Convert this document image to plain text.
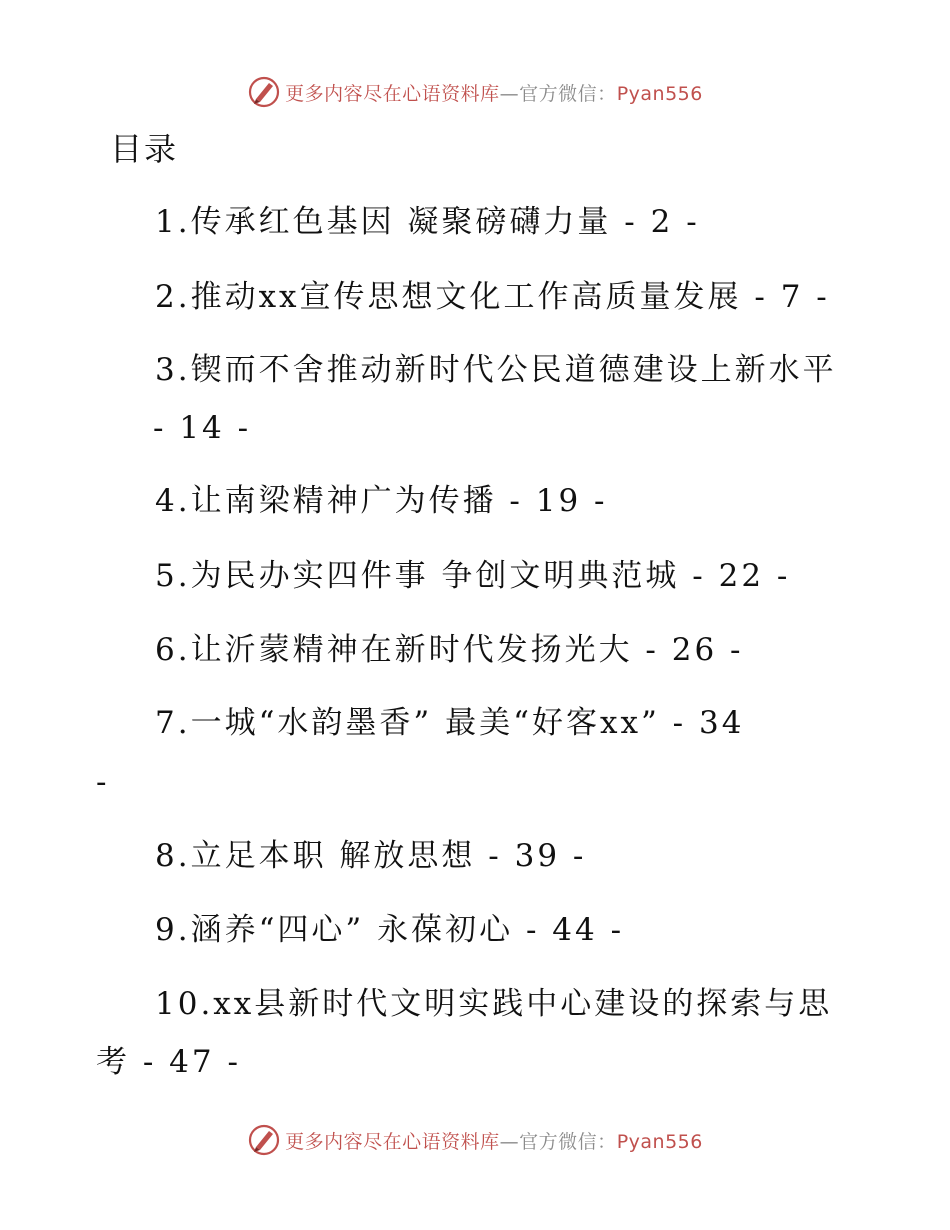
更多内容尽在心语资料库—官方微信：Pyan556
目录
1.传承红色基因 凝聚磅礴力量 - 2 -
2.推动xx宣传思想文化工作高质量发展 - 7 -
3.锲而不舍推动新时代公民道德建设上新水平
- 14 -
4.让南梁精神广为传播 - 19 -
5.为民办实四件事 争创文明典范城 - 22 -
6.让沂蒙精神在新时代发扬光大 - 26 -
7.一城“水韵墨香” 最美“好客xx” - 34
-
8.立足本职 解放思想 - 39 -
9.涵养“四心” 永葆初心 - 44 -
10.xx县新时代文明实践中心建设的探索与思
考 - 47 -
更多内容尽在心语资料库—官方微信：Pyan556
